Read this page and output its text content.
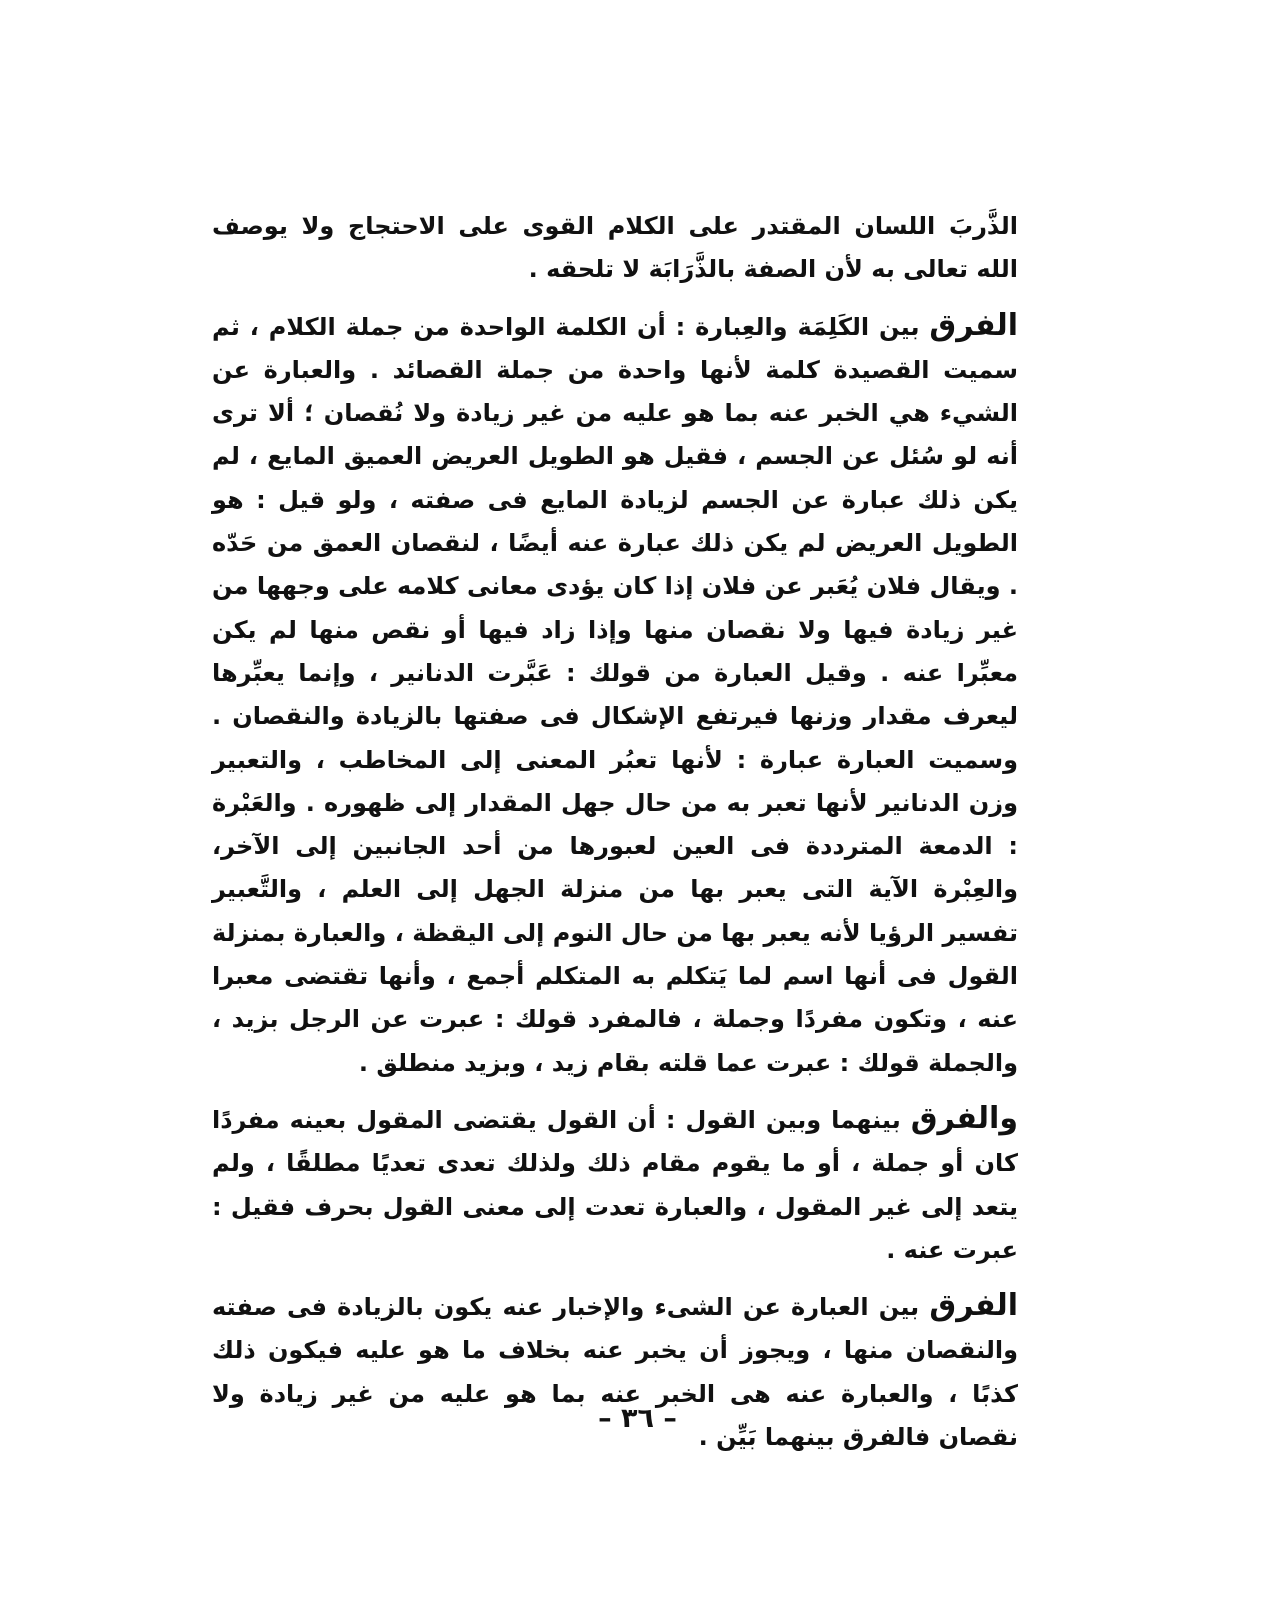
الذَّربَ اللسان المقتدر على الكلام القوى على الاحتجاج ولا يوصف الله تعالى به لأن الصفة بالذَّرَابَة لا تلحقه .

الفرق بين الكَلِمَة والعِبارة : أن الكلمة الواحدة من جملة الكلام ، ثم سميت القصيدة كلمة لأنها واحدة من جملة القصائد . والعبارة عن الشيء هي الخبر عنه بما هو عليه من غير زيادة ولا نُقصان ؛ ألا ترى أنه لو سُئل عن الجسم ، فقيل هو الطويل العريض العميق المايع ، لم يكن ذلك عبارة عن الجسم لزيادة المايع فى صفته ، ولو قيل : هو الطويل العريض لم يكن ذلك عبارة عنه أيضًا ، لنقصان العمق من حَدّه . ويقال فلان يُعَبر عن فلان إذا كان يؤدى معانى كلامه على وجهها من غير زيادة فيها ولا نقصان منها وإذا زاد فيها أو نقص منها لم يكن معبِّرا عنه . وقيل العبارة من قولك : عَبَّرت الدنانير ، وإنما يعبِّرها ليعرف مقدار وزنها فيرتفع الإشكال فى صفتها بالزيادة والنقصان . وسميت العبارة عبارة : لأنها تعبُر المعنى إلى المخاطب ، والتعبير وزن الدنانير لأنها تعبر به من حال جهل المقدار إلى ظهوره . والعَبْرة : الدمعة المترددة فى العين لعبورها من أحد الجانبين إلى الآخر، والعِبْرة الآية التى يعبر بها من منزلة الجهل إلى العلم ، والتَّعبير تفسير الرؤيا لأنه يعبر بها من حال النوم إلى اليقظة ، والعبارة بمنزلة القول فى أنها اسم لما يَتكلم به المتكلم أجمع ، وأنها تقتضى معبرا عنه ، وتكون مفردًا وجملة ، فالمفرد قولك : عبرت عن الرجل بزيد ، والجملة قولك : عبرت عما قلته بقام زيد ، وبزيد منطلق .

والفرق بينهما وبين القول : أن القول يقتضى المقول بعينه مفردًا كان أو جملة ، أو ما يقوم مقام ذلك ولذلك تعدى تعديًا مطلقًا ، ولم يتعد إلى غير المقول ، والعبارة تعدت إلى معنى القول بحرف فقيل : عبرت عنه .

الفرق بين العبارة عن الشىء والإخبار عنه يكون بالزيادة فى صفته والنقصان منها ، ويجوز أن يخبر عنه بخلاف ما هو عليه فيكون ذلك كذبًا ، والعبارة عنه هى الخبر عنه بما هو عليه من غير زيادة ولا نقصان فالفرق بينهما بَيِّن .

– ٣٦ –
